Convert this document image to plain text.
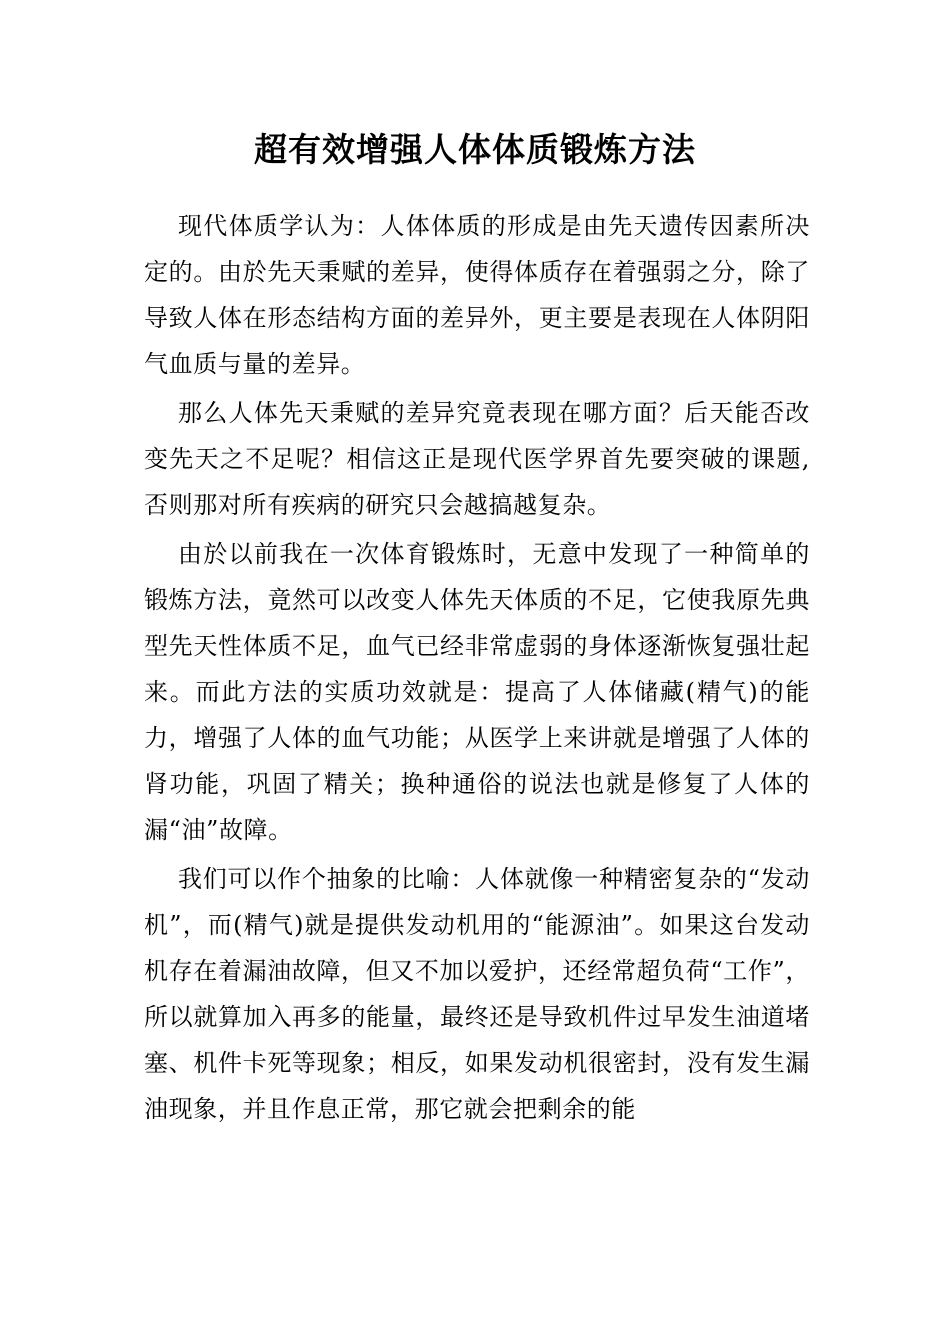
超有效增强人体体质锻炼方法

现代体质学认为：人体体质的形成是由先天遗传因素所决定的。由於先天秉赋的差异，使得体质存在着强弱之分，除了导致人体在形态结构方面的差异外，更主要是表现在人体阴阳气血质与量的差异。

那么人体先天秉赋的差异究竟表现在哪方面？后天能否改变先天之不足呢？相信这正是现代医学界首先要突破的课题,否则那对所有疾病的研究只会越搞越复杂。

由於以前我在一次体育锻炼时，无意中发现了一种简单的锻炼方法，竟然可以改变人体先天体质的不足，它使我原先典型先天性体质不足，血气已经非常虚弱的身体逐渐恢复强壮起来。而此方法的实质功效就是：提高了人体储藏(精气)的能力，增强了人体的血气功能；从医学上来讲就是增强了人体的肾功能，巩固了精关；换种通俗的说法也就是修复了人体的漏“油”故障。

我们可以作个抽象的比喻：人体就像一种精密复杂的“发动机”，而(精气)就是提供发动机用的“能源油”。如果这台发动机存在着漏油故障，但又不加以爱护，还经常超负荷“工作”，所以就算加入再多的能量，最终还是导致机件过早发生油道堵塞、机件卡死等现象；相反，如果发动机很密封，没有发生漏油现象，并且作息正常，那它就会把剩余的能
